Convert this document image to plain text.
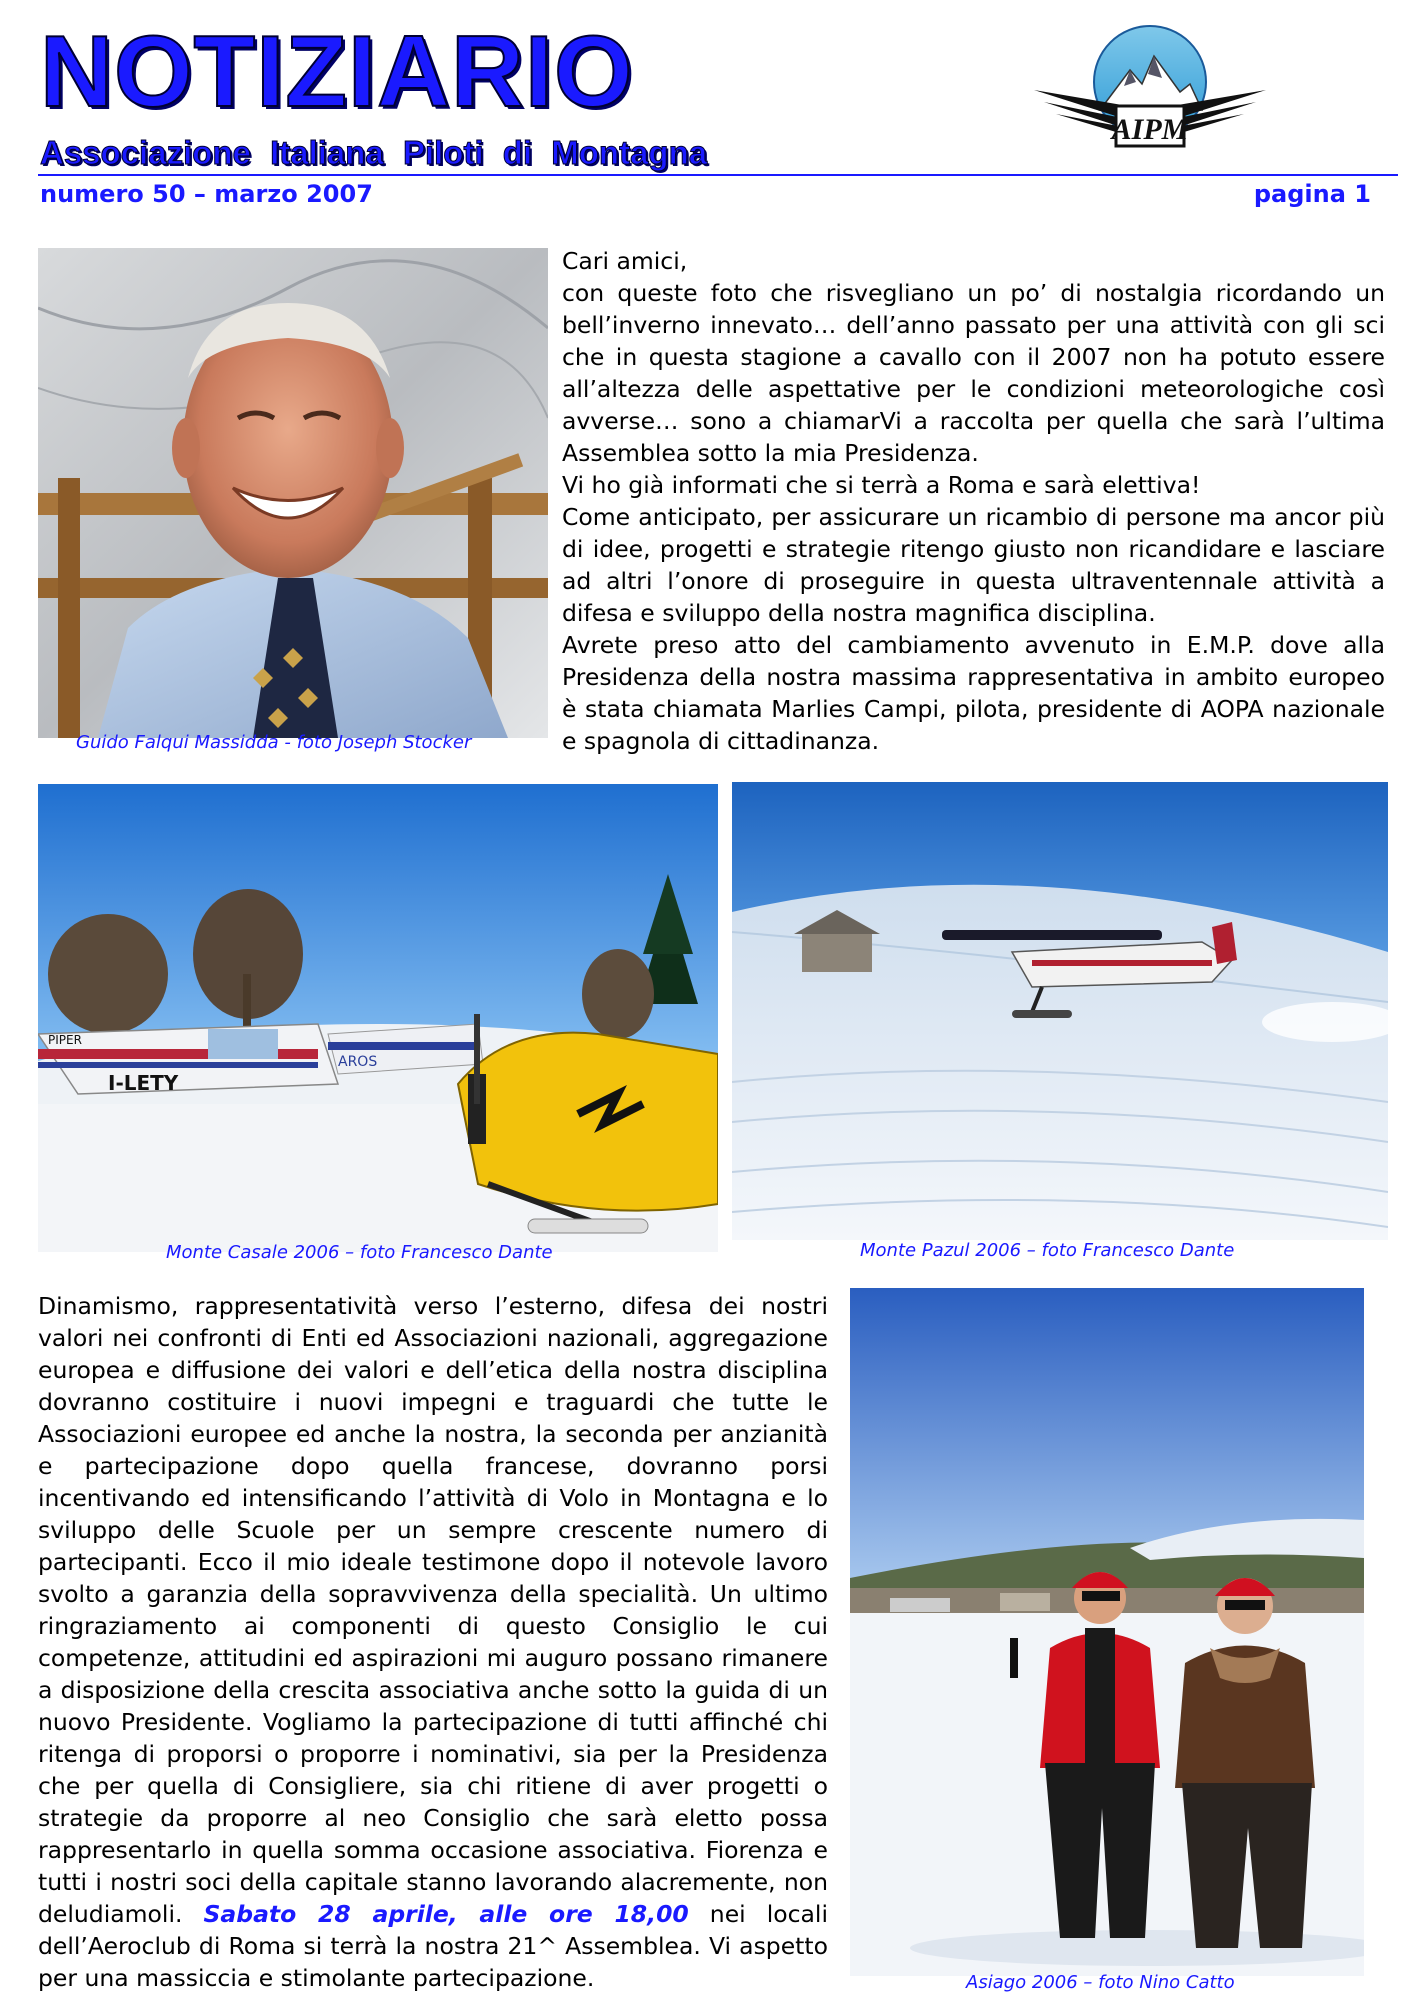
NOTIZIARIO
Associazione Italiana Piloti di Montagna
AIPM
numero 50 – marzo 2007	pagina 1
Guido Falqui Massidda - foto Joseph Stocker

Cari amici,

con queste foto che risvegliano un po’ di nostalgia ricordando un bell’inverno innevato… dell’anno passato per una attività con gli sci che in questa stagione a cavallo con il 2007 non ha potuto essere all’altezza delle aspettative per le condizioni meteorologiche così avverse… sono a chiamarVi a raccolta per quella che sarà l’ultima Assemblea sotto la mia Presidenza.

Vi ho già informati che si terrà a Roma e sarà elettiva!

Come anticipato, per assicurare un ricambio di persone ma ancor più di idee, progetti e strategie ritengo giusto non ricandidare e lasciare ad altri l’onore di proseguire in questa ultraventennale attività a difesa e sviluppo della nostra magnifica disciplina.

Avrete preso atto del cambiamento avvenuto in E.M.P. dove alla Presidenza della nostra massima rappresentativa in ambito europeo è stata chiamata Marlies Campi, pilota, presidente di AOPA nazionale e spagnola di cittadinanza.

PIPER
I-LETY
AROS
Monte Casale 2006 – foto Francesco Dante	Monte Pazul 2006 – foto Francesco Dante

Dinamismo, rappresentatività verso l’esterno, difesa dei nostri valori nei confronti di Enti ed Associazioni nazionali, aggregazione europea e diffusione dei valori e dell’etica della nostra disciplina dovranno costituire i nuovi impegni e traguardi che tutte le Associazioni europee ed anche la nostra, la seconda per anzianità e partecipazione dopo quella francese, dovranno porsi incentivando ed intensificando l’attività di Volo in Montagna e lo sviluppo delle Scuole per un sempre crescente numero di partecipanti. Ecco il mio ideale testimone dopo il notevole lavoro svolto a garanzia della sopravvivenza della specialità. Un ultimo ringraziamento ai componenti di questo Consiglio le cui competenze, attitudini ed aspirazioni mi auguro possano rimanere a disposizione della crescita associativa anche sotto la guida di un nuovo Presidente. Vogliamo la partecipazione di tutti affinché chi ritenga di proporsi o proporre i nominativi, sia per la Presidenza che per quella di Consigliere, sia chi ritiene di aver progetti o strategie da proporre al neo Consiglio che sarà eletto possa rappresentarlo in quella somma occasione associativa. Fiorenza e tutti i nostri soci della capitale stanno lavorando alacremente, non deludiamoli. Sabato 28 aprile, alle ore 18,00 nei locali dell’Aeroclub di Roma si terrà la nostra 21^ Assemblea. Vi aspetto per una massiccia e stimolante partecipazione.	Asiago 2006 – foto Nino Catto
